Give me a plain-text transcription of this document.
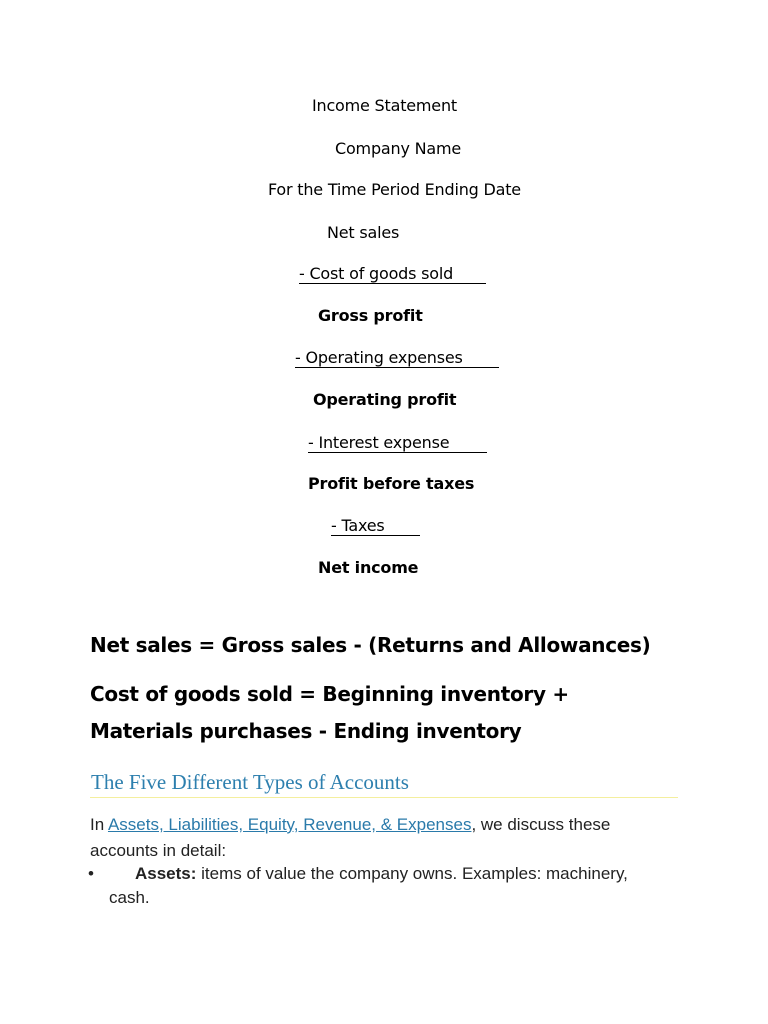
Income Statement
Company Name
For the Time Period Ending Date
Net sales
- Cost of goods sold
Gross profit
- Operating expenses
Operating profit
- Interest expense
Profit before taxes
- Taxes
Net income
Net sales = Gross sales - (Returns and Allowances)
Cost of goods sold = Beginning inventory + Materials purchases - Ending inventory
The Five Different Types of Accounts
In Assets, Liabilities, Equity, Revenue, & Expenses, we discuss these accounts in detail:
•	Assets: items of value the company owns. Examples: machinery, cash.
